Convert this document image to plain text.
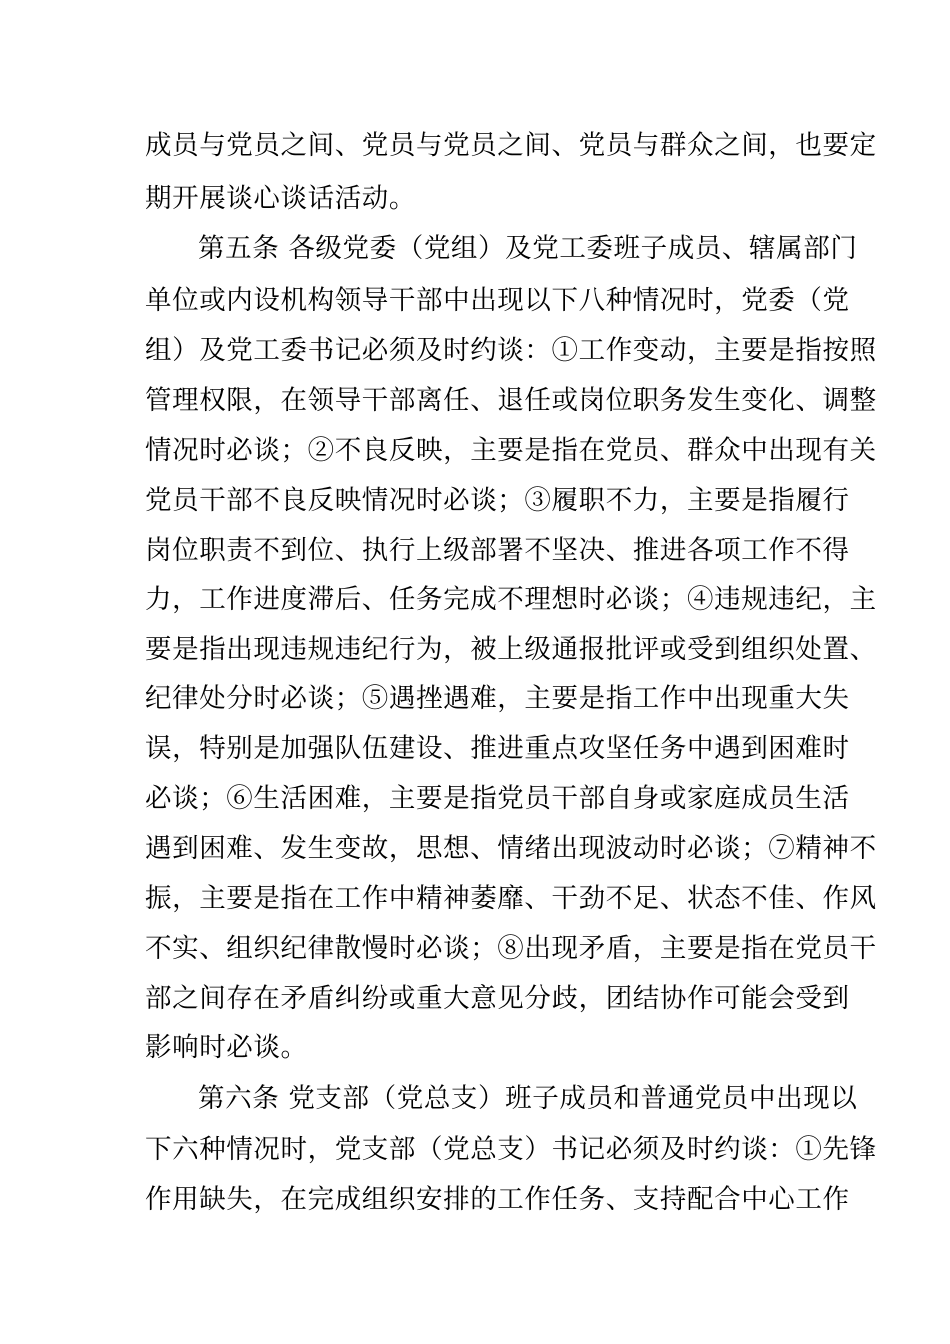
成员与党员之间、党员与党员之间、党员与群众之间，也要定
期开展谈心谈话活动。
第五条 各级党委（党组）及党工委班子成员、辖属部门
单位或内设机构领导干部中出现以下八种情况时，党委（党
组）及党工委书记必须及时约谈：①工作变动，主要是指按照
管理权限，在领导干部离任、退任或岗位职务发生变化、调整
情况时必谈；②不良反映，主要是指在党员、群众中出现有关
党员干部不良反映情况时必谈；③履职不力，主要是指履行
岗位职责不到位、执行上级部署不坚决、推进各项工作不得
力，工作进度滞后、任务完成不理想时必谈；④违规违纪，主
要是指出现违规违纪行为，被上级通报批评或受到组织处置、
纪律处分时必谈；⑤遇挫遇难，主要是指工作中出现重大失
误，特别是加强队伍建设、推进重点攻坚任务中遇到困难时
必谈；⑥生活困难，主要是指党员干部自身或家庭成员生活
遇到困难、发生变故，思想、情绪出现波动时必谈；⑦精神不
振，主要是指在工作中精神萎靡、干劲不足、状态不佳、作风
不实、组织纪律散慢时必谈；⑧出现矛盾，主要是指在党员干
部之间存在矛盾纠纷或重大意见分歧，团结协作可能会受到
影响时必谈。
第六条 党支部（党总支）班子成员和普通党员中出现以
下六种情况时，党支部（党总支）书记必须及时约谈：①先锋
作用缺失，在完成组织安排的工作任务、支持配合中心工作
